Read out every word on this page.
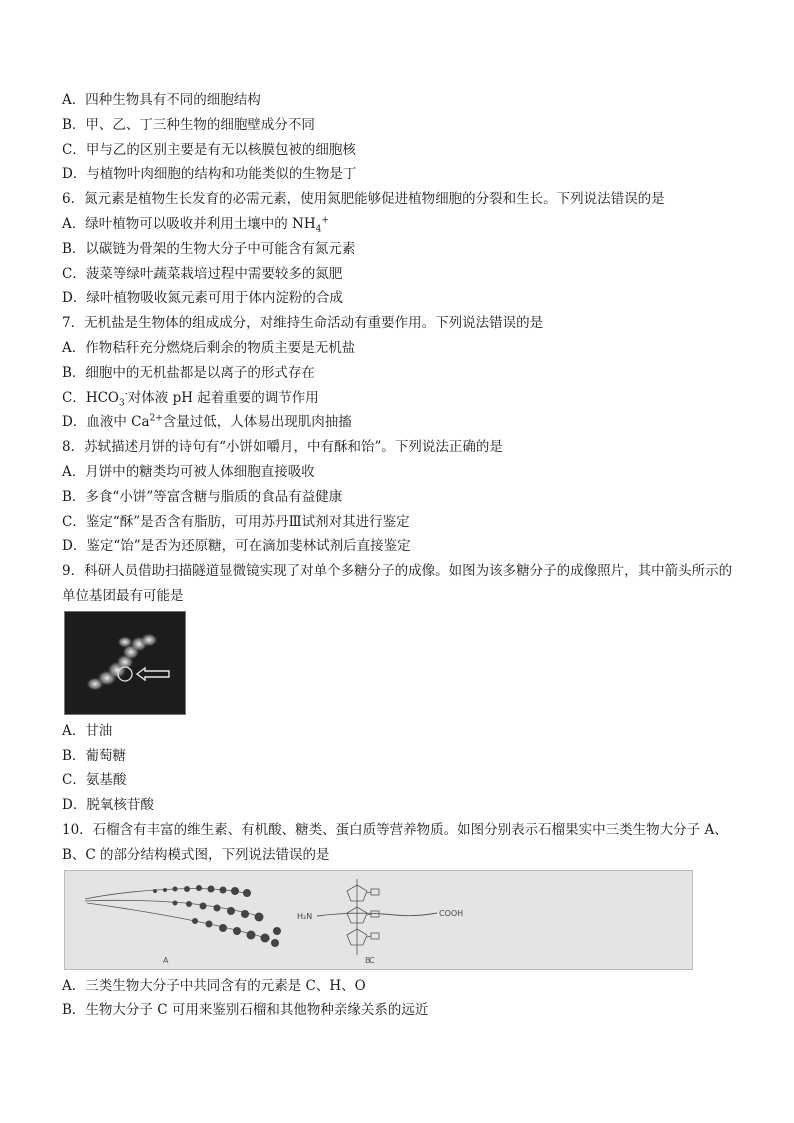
A．四种生物具有不同的细胞结构
B．甲、乙、丁三种生物的细胞壁成分不同
C．甲与乙的区别主要是有无以核膜包被的细胞核
D．与植物叶肉细胞的结构和功能类似的生物是丁
6．氮元素是植物生长发育的必需元素，使用氮肥能够促进植物细胞的分裂和生长。下列说法错误的是
A．绿叶植物可以吸收并利用土壤中的 $NH_4^+$
B．以碳链为骨架的生物大分子中可能含有氮元素
C．菠菜等绿叶蔬菜栽培过程中需要较多的氮肥
D．绿叶植物吸收氮元素可用于体内淀粉的合成
7．无机盐是生物体的组成成分，对维持生命活动有重要作用。下列说法错误的是
A．作物秸秆充分燃烧后剩余的物质主要是无机盐
B．细胞中的无机盐都是以离子的形式存在
C．$HCO_3^-$对体液 pH 起着重要的调节作用
D．血液中 $Ca^{2+}$含量过低，人体易出现肌肉抽搐
8．苏轼描述月饼的诗句有“小饼如嚼月，中有酥和饴”。下列说法正确的是
A．月饼中的糖类均可被人体细胞直接吸收
B．多食“小饼”等富含糖与脂质的食品有益健康
C．鉴定“酥”是否含有脂肪，可用苏丹Ⅲ试剂对其进行鉴定
D．鉴定“饴”是否为还原糖，可在滴加斐林试剂后直接鉴定
9．科研人员借助扫描隧道显微镜实现了对单个多糖分子的成像。如图为该多糖分子的成像照片，其中箭头所示的单位基团最有可能是
A．甘油
B．葡萄糖
C．氨基酸
D．脱氧核苷酸
10．石榴含有丰富的维生素、有机酸、糖类、蛋白质等营养物质。如图分别表示石榴果实中三类生物大分子 A、B、C 的部分结构模式图，下列说法错误的是
A
H₂N	COOH
B
C
A．三类生物大分子中共同含有的元素是 C、H、O
B．生物大分子 C 可用来鉴别石榴和其他物种亲缘关系的远近
